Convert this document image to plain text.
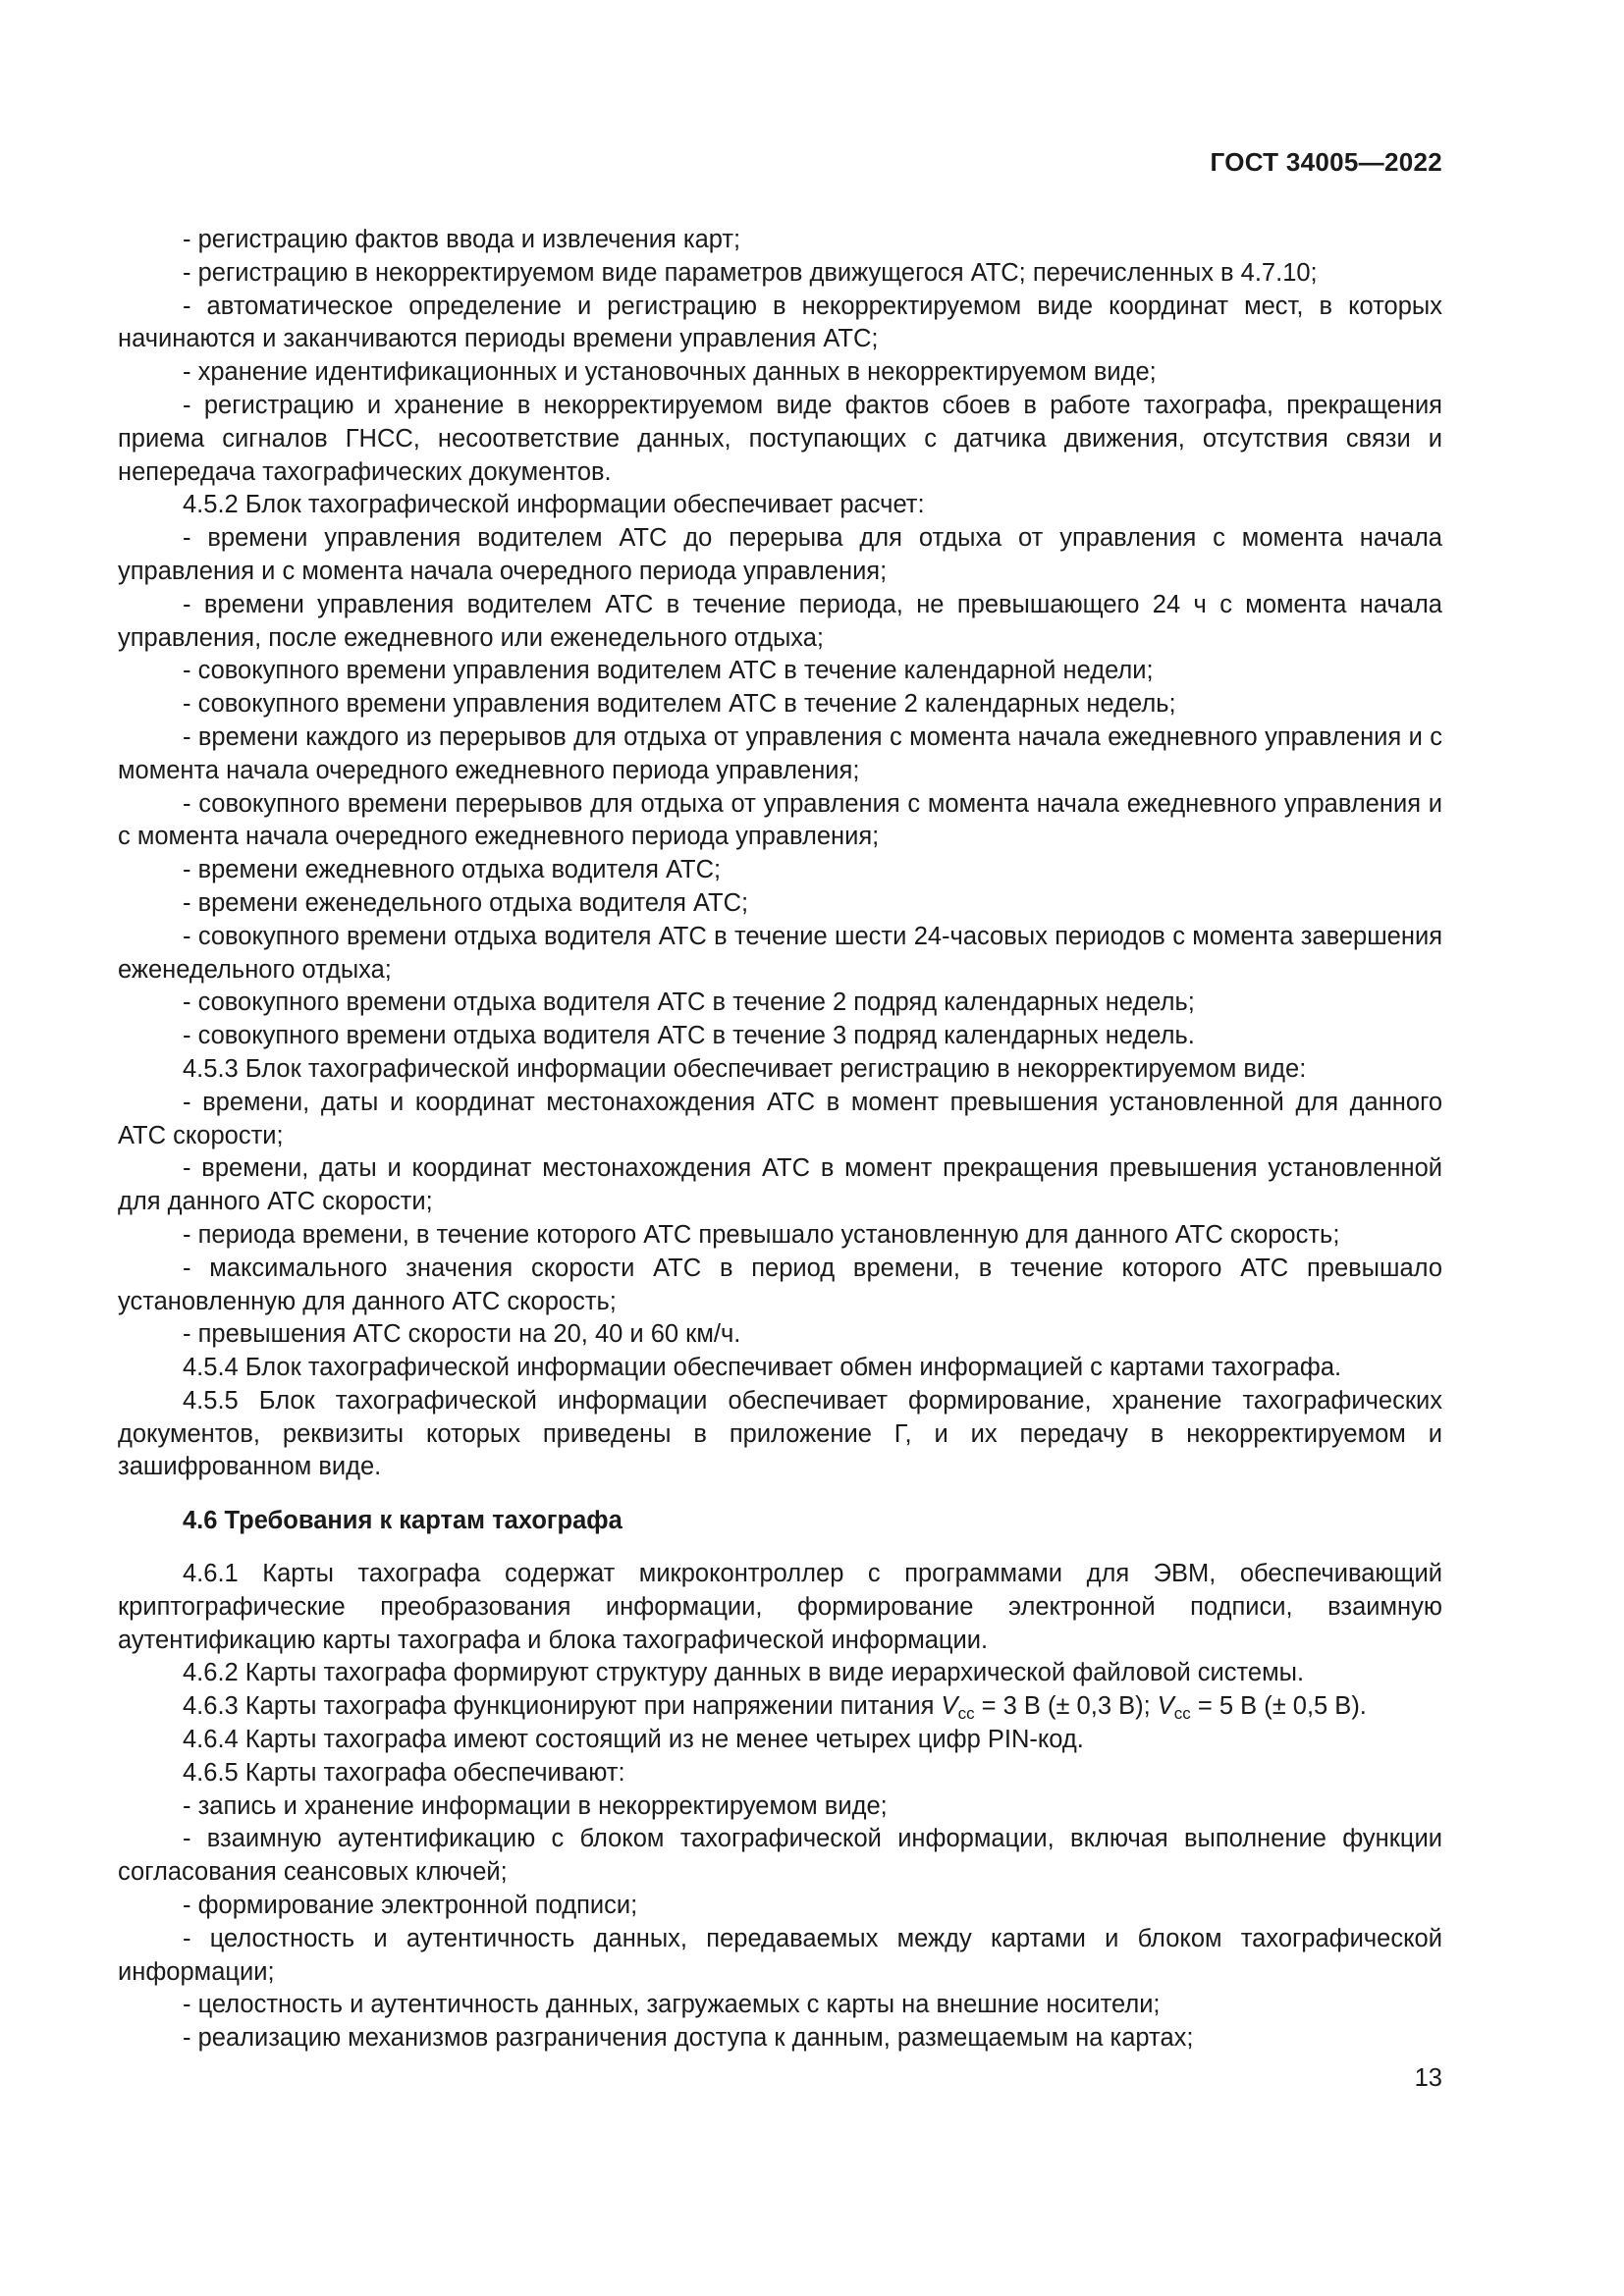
ГОСТ 34005—2022

- регистрацию фактов ввода и извлечения карт;

- регистрацию в некорректируемом виде параметров движущегося АТС; перечисленных в 4.7.10;

- автоматическое определение и регистрацию в некорректируемом виде координат мест, в которых начинаются и заканчиваются периоды времени управления АТС;

- хранение идентификационных и установочных данных в некорректируемом виде;

- регистрацию и хранение в некорректируемом виде фактов сбоев в работе тахографа, прекращения приема сигналов ГНСС, несоответствие данных, поступающих с датчика движения, отсутствия связи и непередача тахографических документов.

4.5.2 Блок тахографической информации обеспечивает расчет:

- времени управления водителем АТС до перерыва для отдыха от управления с момента начала управления и с момента начала очередного периода управления;

- времени управления водителем АТС в течение периода, не превышающего 24 ч с момента начала управления, после ежедневного или еженедельного отдыха;

- совокупного времени управления водителем АТС в течение календарной недели;

- совокупного времени управления водителем АТС в течение 2 календарных недель;

- времени каждого из перерывов для отдыха от управления с момента начала ежедневного управления и с момента начала очередного ежедневного периода управления;

- совокупного времени перерывов для отдыха от управления с момента начала ежедневного управления и с момента начала очередного ежедневного периода управления;

- времени ежедневного отдыха водителя АТС;

- времени еженедельного отдыха водителя АТС;

- совокупного времени отдыха водителя АТС в течение шести 24-часовых периодов с момента завершения еженедельного отдыха;

- совокупного времени отдыха водителя АТС в течение 2 подряд календарных недель;

- совокупного времени отдыха водителя АТС в течение 3 подряд календарных недель.

4.5.3 Блок тахографической информации обеспечивает регистрацию в некорректируемом виде:

- времени, даты и координат местонахождения АТС в момент превышения установленной для данного АТС скорости;

- времени, даты и координат местонахождения АТС в момент прекращения превышения установленной для данного АТС скорости;

- периода времени, в течение которого АТС превышало установленную для данного АТС скорость;

- максимального значения скорости АТС в период времени, в течение которого АТС превышало установленную для данного АТС скорость;

- превышения АТС скорости на 20, 40 и 60 км/ч.

4.5.4 Блок тахографической информации обеспечивает обмен информацией с картами тахографа.

4.5.5 Блок тахографической информации обеспечивает формирование, хранение тахографических документов, реквизиты которых приведены в приложение Г, и их передачу в некорректируемом и зашифрованном виде.

4.6 Требования к картам тахографа

4.6.1 Карты тахографа содержат микроконтроллер с программами для ЭВМ, обеспечивающий криптографические преобразования информации, формирование электронной подписи, взаимную аутентификацию карты тахографа и блока тахографической информации.

4.6.2 Карты тахографа формируют структуру данных в виде иерархической файловой системы.

4.6.3 Карты тахографа функционируют при напряжении питания $V_{cc} = 3$ В (± 0,3 В); $V_{cc} = 5$ В (± 0,5 В).

4.6.4 Карты тахографа имеют состоящий из не менее четырех цифр PIN-код.

4.6.5 Карты тахографа обеспечивают:

- запись и хранение информации в некорректируемом виде;

- взаимную аутентификацию с блоком тахографической информации, включая выполнение функции согласования сеансовых ключей;

- формирование электронной подписи;

- целостность и аутентичность данных, передаваемых между картами и блоком тахографической информации;

- целостность и аутентичность данных, загружаемых с карты на внешние носители;

- реализацию механизмов разграничения доступа к данным, размещаемым на картах;

13
